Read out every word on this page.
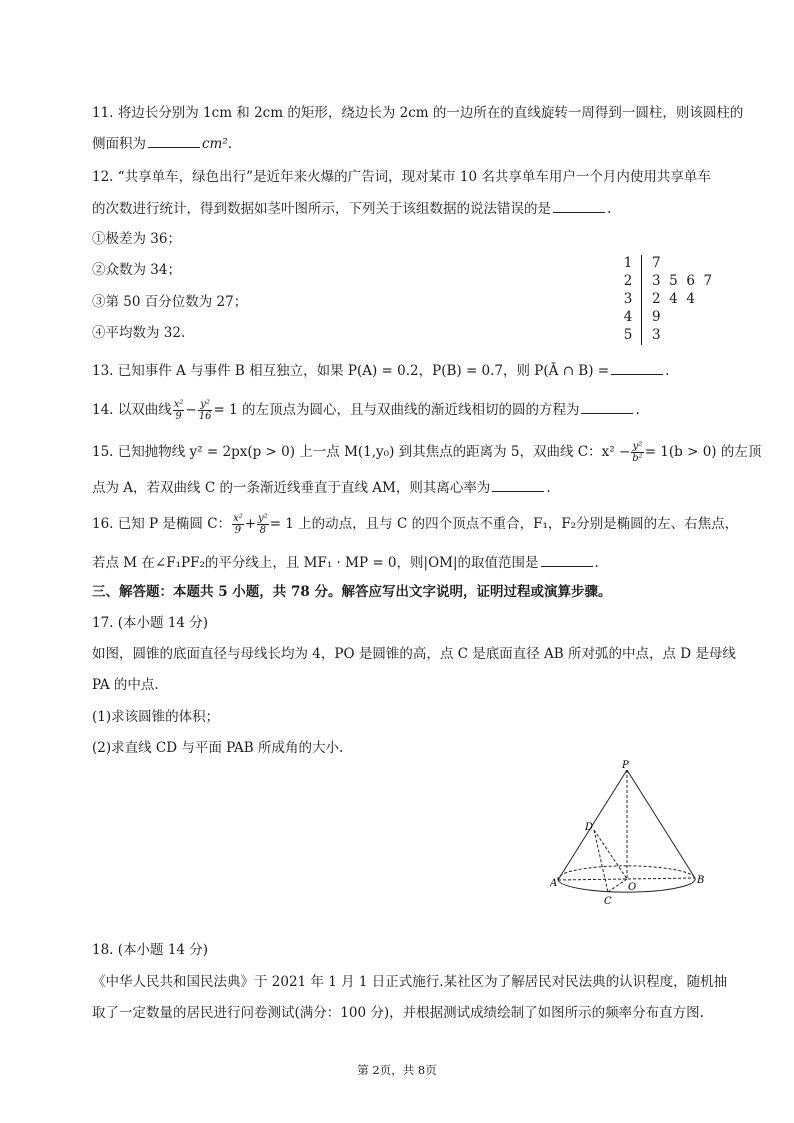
11. 将边长分别为 1cm 和 2cm 的矩形，绕边长为 2cm 的一边所在的直线旋转一周得到一圆柱，则该圆柱的
侧面积为	cm².
12. “共享单车，绿色出行”是近年来火爆的广告词，现对某市 10 名共享单车用户一个月内使用共享单车
的次数进行统计，得到数据如茎叶图所示，下列关于该组数据的说法错误的是	.
①极差为 36；
②众数为 34；
③第 50 百分位数为 27；
④平均数为 32.
1 7
2 3  5  6  7
3 2  4  4
4 9
5 3
13. 已知事件 A 与事件 B 相互独立，如果 P(A) = 0.2，P(B) = 0.7，则 P(Ā ∩ B) =	.
14. 以双曲线 $\frac{\text{x²}}{9} - \frac{\text{y²}}{16} = 1$ 的左顶点为圆心，且与双曲线的渐近线相切的圆的方程为	.
15. 已知抛物线 y² = 2px(p > 0) 上一点 M(1,y₀) 到其焦点的距离为 5，双曲线 C：$x^2 - \frac{\text{y²}}{\text{b²}} = 1(b > 0)$ 的左顶
点为 A，若双曲线 C 的一条渐近线垂直于直线 AM，则其离心率为	.
16. 已知 P 是椭圆 C： $\frac{\text{x²}}{9} + \frac{\text{y²}}{8} = 1$ 上的动点，且与 C 的四个顶点不重合，F₁，F₂分别是椭圆的左、右焦点，
若点 M 在∠F₁PF₂的平分线上，且 MF₁ · MP = 0，则|OM|的取值范围是	.
三、解答题：本题共 5 小题，共 78 分。解答应写出文字说明，证明过程或演算步骤。
17. (本小题 14 分)
如图，圆锥的底面直径与母线长均为 4，PO 是圆锥的高，点 C 是底面直径 AB 所对弧的中点，点 D 是母线
PA 的中点.
(1)求该圆锥的体积；
(2)求直线 CD 与平面 PAB 所成角的大小.
P
D
A	O
B
C
18. (本小题 14 分)
《中华人民共和国民法典》于 2021 年 1 月 1 日正式施行.某社区为了解居民对民法典的认识程度，随机抽
取了一定数量的居民进行问卷测试(满分：100 分)，并根据测试成绩绘制了如图所示的频率分布直方图.
第 2页，共 8页
